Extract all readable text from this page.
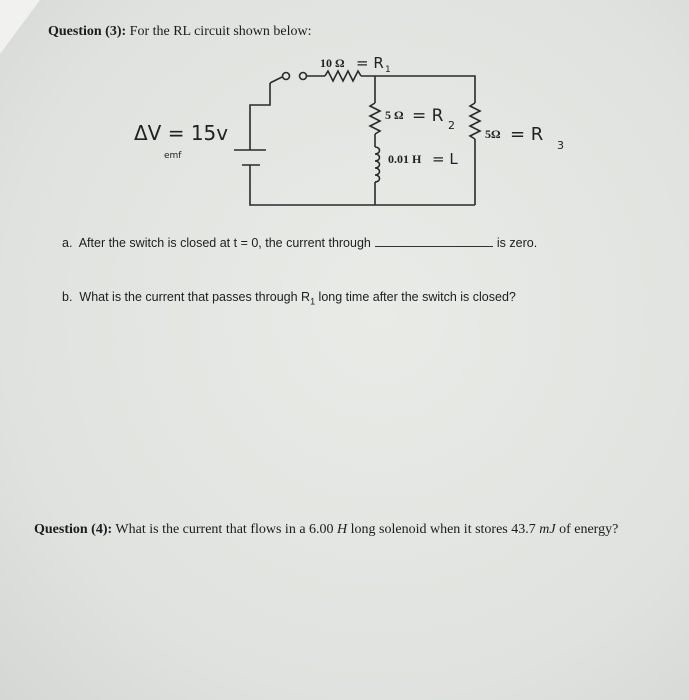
Question (3): For the RL circuit shown below:
10 Ω = R 1
5 Ω = R 2
5Ω = R
3
0.01 H = L
ΔV = 15v
emf
a. After the switch is closed at t = 0, the current through	is zero.
b. What is the current that passes through $R_1$ long time after the switch is closed?
Question (4): What is the current that flows in a 6.00 H long solenoid when it stores 43.7 mJ of energy?
